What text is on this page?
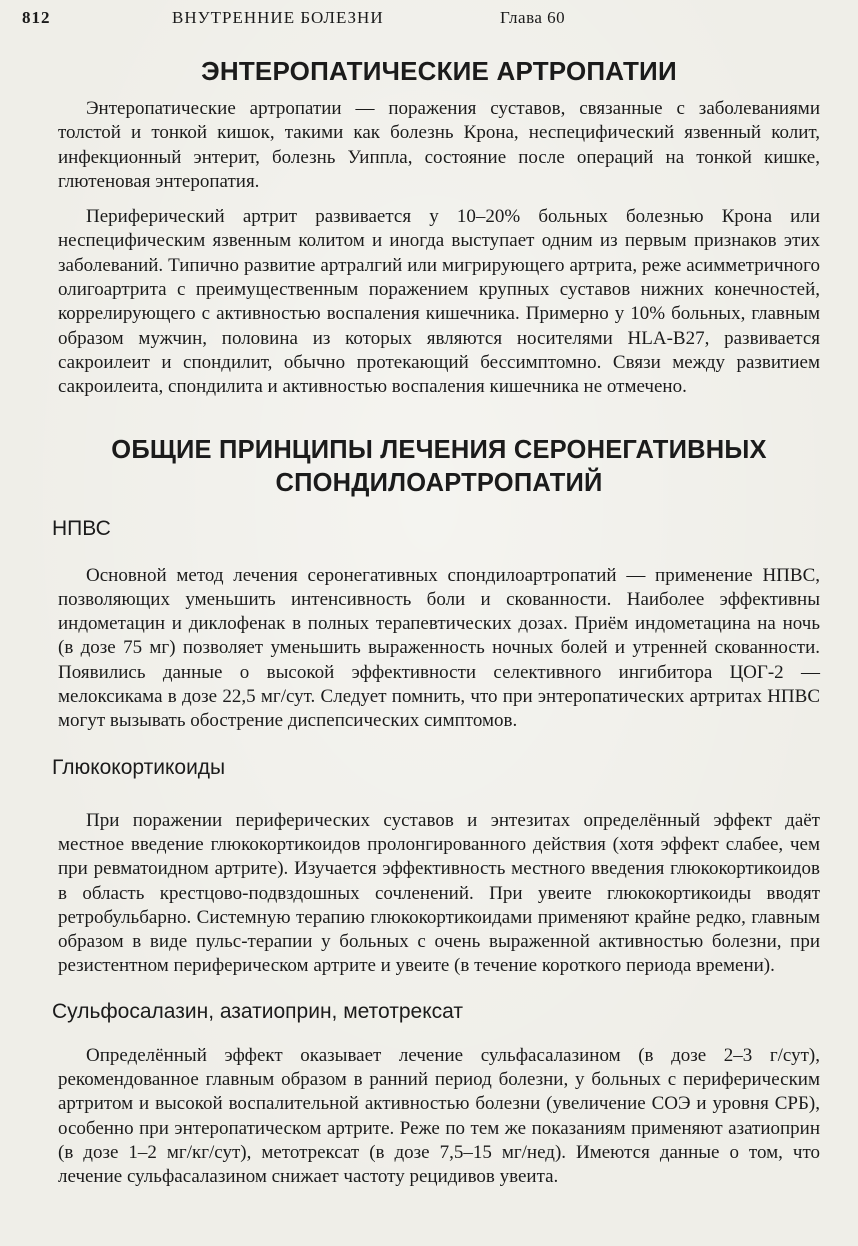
812	ВНУТРЕННИЕ БОЛЕЗНИ	Глава 60
ЭНТЕРОПАТИЧЕСКИЕ АРТРОПАТИИ

Энтеропатические артропатии — поражения суставов, связанные с заболеваниями толстой и тонкой кишок, такими как болезнь Крона, неспецифический язвенный колит, инфекционный энтерит, болезнь Уиппла, состояние после операций на тонкой кишке, глютеновая энтеропатия.

Периферический артрит развивается у 10–20% больных болезнью Крона или неспецифическим язвенным колитом и иногда выступает одним из первым признаков этих заболеваний. Типично развитие артралгий или мигрирующего артрита, реже асимметричного олигоартрита с преимущественным поражением крупных суставов нижних конечностей, коррелирующего с активностью воспаления кишечника. Примерно у 10% больных, главным образом мужчин, половина из которых являются носителями HLA-B27, развивается сакроилеит и спондилит, обычно протекающий бессимптомно. Связи между развитием сакроилеита, спондилита и активностью воспаления кишечника не отмечено.

ОБЩИЕ ПРИНЦИПЫ ЛЕЧЕНИЯ СЕРОНЕГАТИВНЫХ СПОНДИЛОАРТРОПАТИЙ
НПВС

Основной метод лечения серонегативных спондилоартропатий — применение НПВС, позволяющих уменьшить интенсивность боли и скованности. Наиболее эффективны индометацин и диклофенак в полных терапевтических дозах. Приём индометацина на ночь (в дозе 75 мг) позволяет уменьшить выраженность ночных болей и утренней скованности. Появились данные о высокой эффективности селективного ингибитора ЦОГ-2 — мелоксикама в дозе 22,5 мг/сут. Следует помнить, что при энтеропатических артритах НПВС могут вызывать обострение диспепсических симптомов.

Глюкокортикоиды

При поражении периферических суставов и энтезитах определённый эффект даёт местное введение глюкокортикоидов пролонгированного действия (хотя эффект слабее, чем при ревматоидном артрите). Изучается эффективность местного введения глюкокортикоидов в область крестцово-подвздошных сочленений. При увеите глюкокортикоиды вводят ретробульбарно. Системную терапию глюкокортикоидами применяют крайне редко, главным образом в виде пульс-терапии у больных с очень выраженной активностью болезни, при резистентном периферическом артрите и увеите (в течение короткого периода времени).

Сульфосалазин, азатиоприн, метотрексат

Определённый эффект оказывает лечение сульфасалазином (в дозе 2–3 г/сут), рекомендованное главным образом в ранний период болезни, у больных с периферическим артритом и высокой воспалительной активностью болезни (увеличение СОЭ и уровня СРБ), особенно при энтеропатическом артрите. Реже по тем же показаниям применяют азатиоприн (в дозе 1–2 мг/кг/сут), метотрексат (в дозе 7,5–15 мг/нед). Имеются данные о том, что лечение сульфасалазином снижает частоту рецидивов увеита.
